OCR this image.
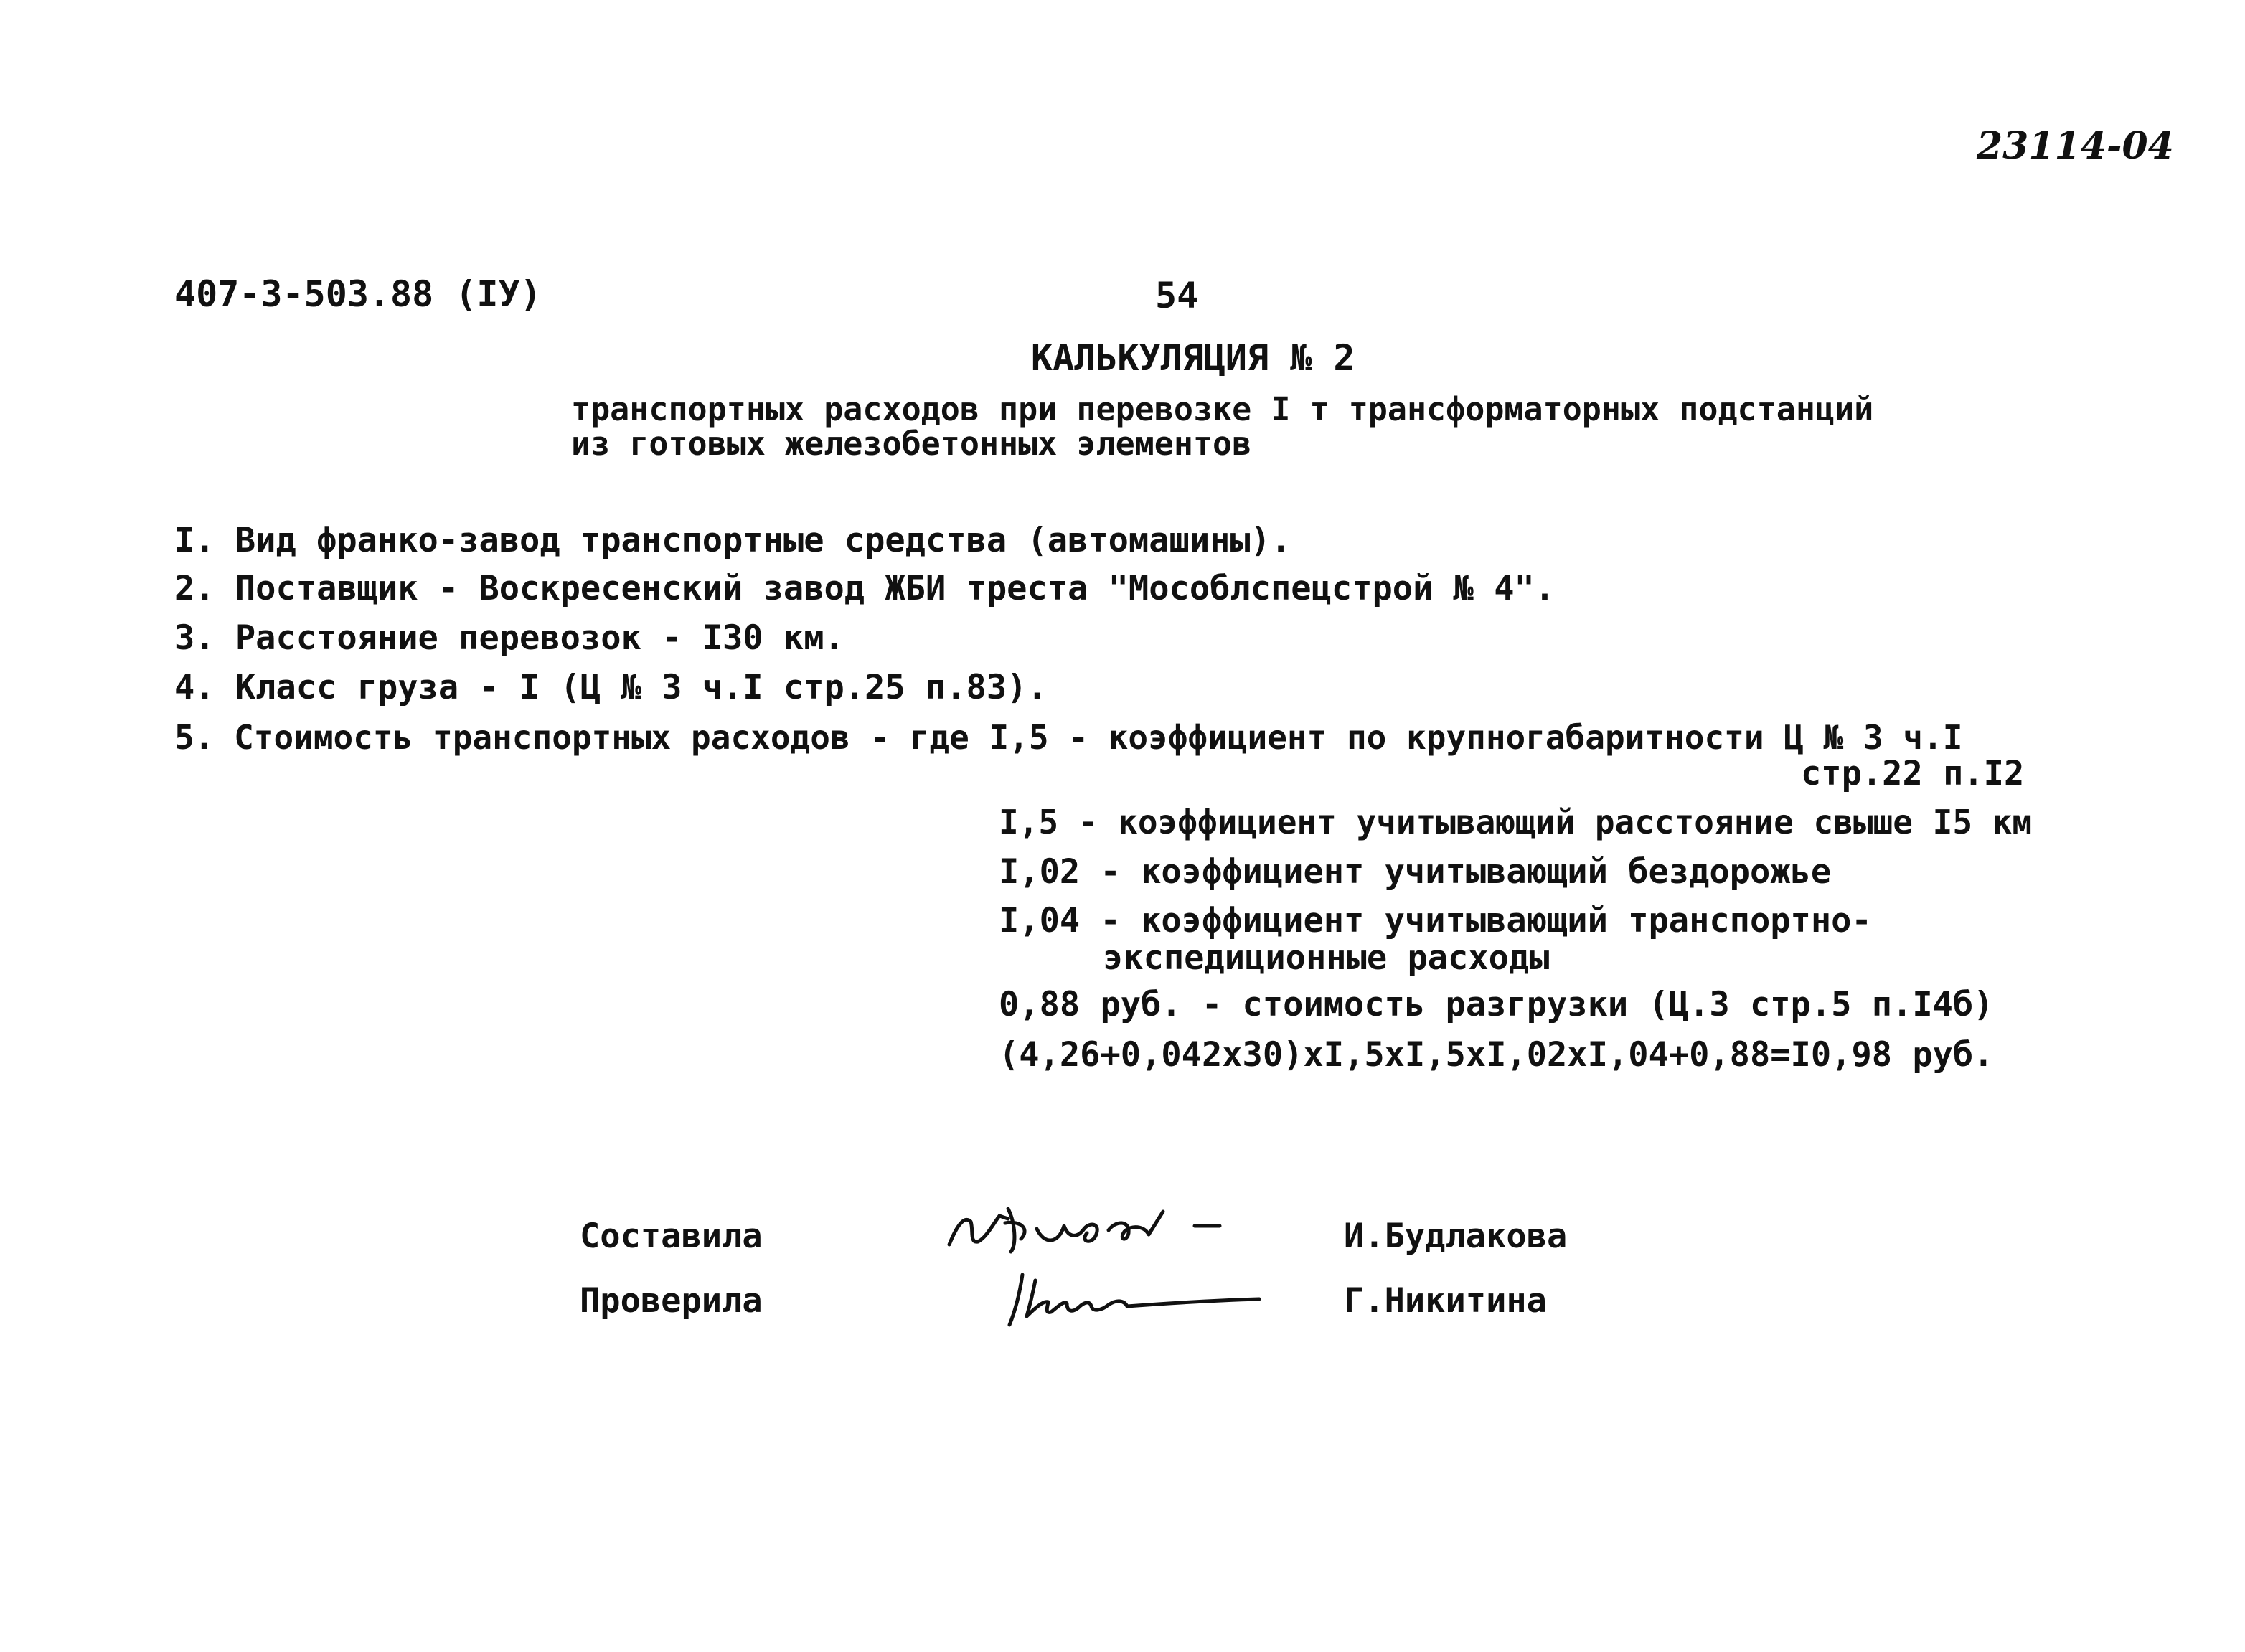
23114-04
407-3-503.88 (IУ)	54
КАЛЬКУЛЯЦИЯ № 2
транспортных расходов при перевозке I т трансформаторных подстанций
из готовых железобетонных элементов
I. Вид франко-завод транспортные средства (автомашины).
2. Поставщик - Воскресенский завод ЖБИ треста "Мособлспецстрой № 4".
3. Расстояние перевозок - I30 км.
4. Класс груза - I (Ц № 3 ч.I стр.25 п.83).
5. Стоимость транспортных расходов - где I,5 - коэффициент по крупногабаритности Ц № 3 ч.I
стр.22 п.I2
I,5 - коэффициент учитывающий расстояние свыше I5 км
I,02 - коэффициент учитывающий бездорожье
I,04 - коэффициент учитывающий транспортно-
экспедиционные расходы
0,88 руб. - стоимость разгрузки (Ц.3 стр.5 п.I4б)
(4,26+0,042х30)хI,5хI,5хI,02хI,04+0,88=I0,98 руб.
Составила	И.Будлакова
Проверила	Г.Никитина
